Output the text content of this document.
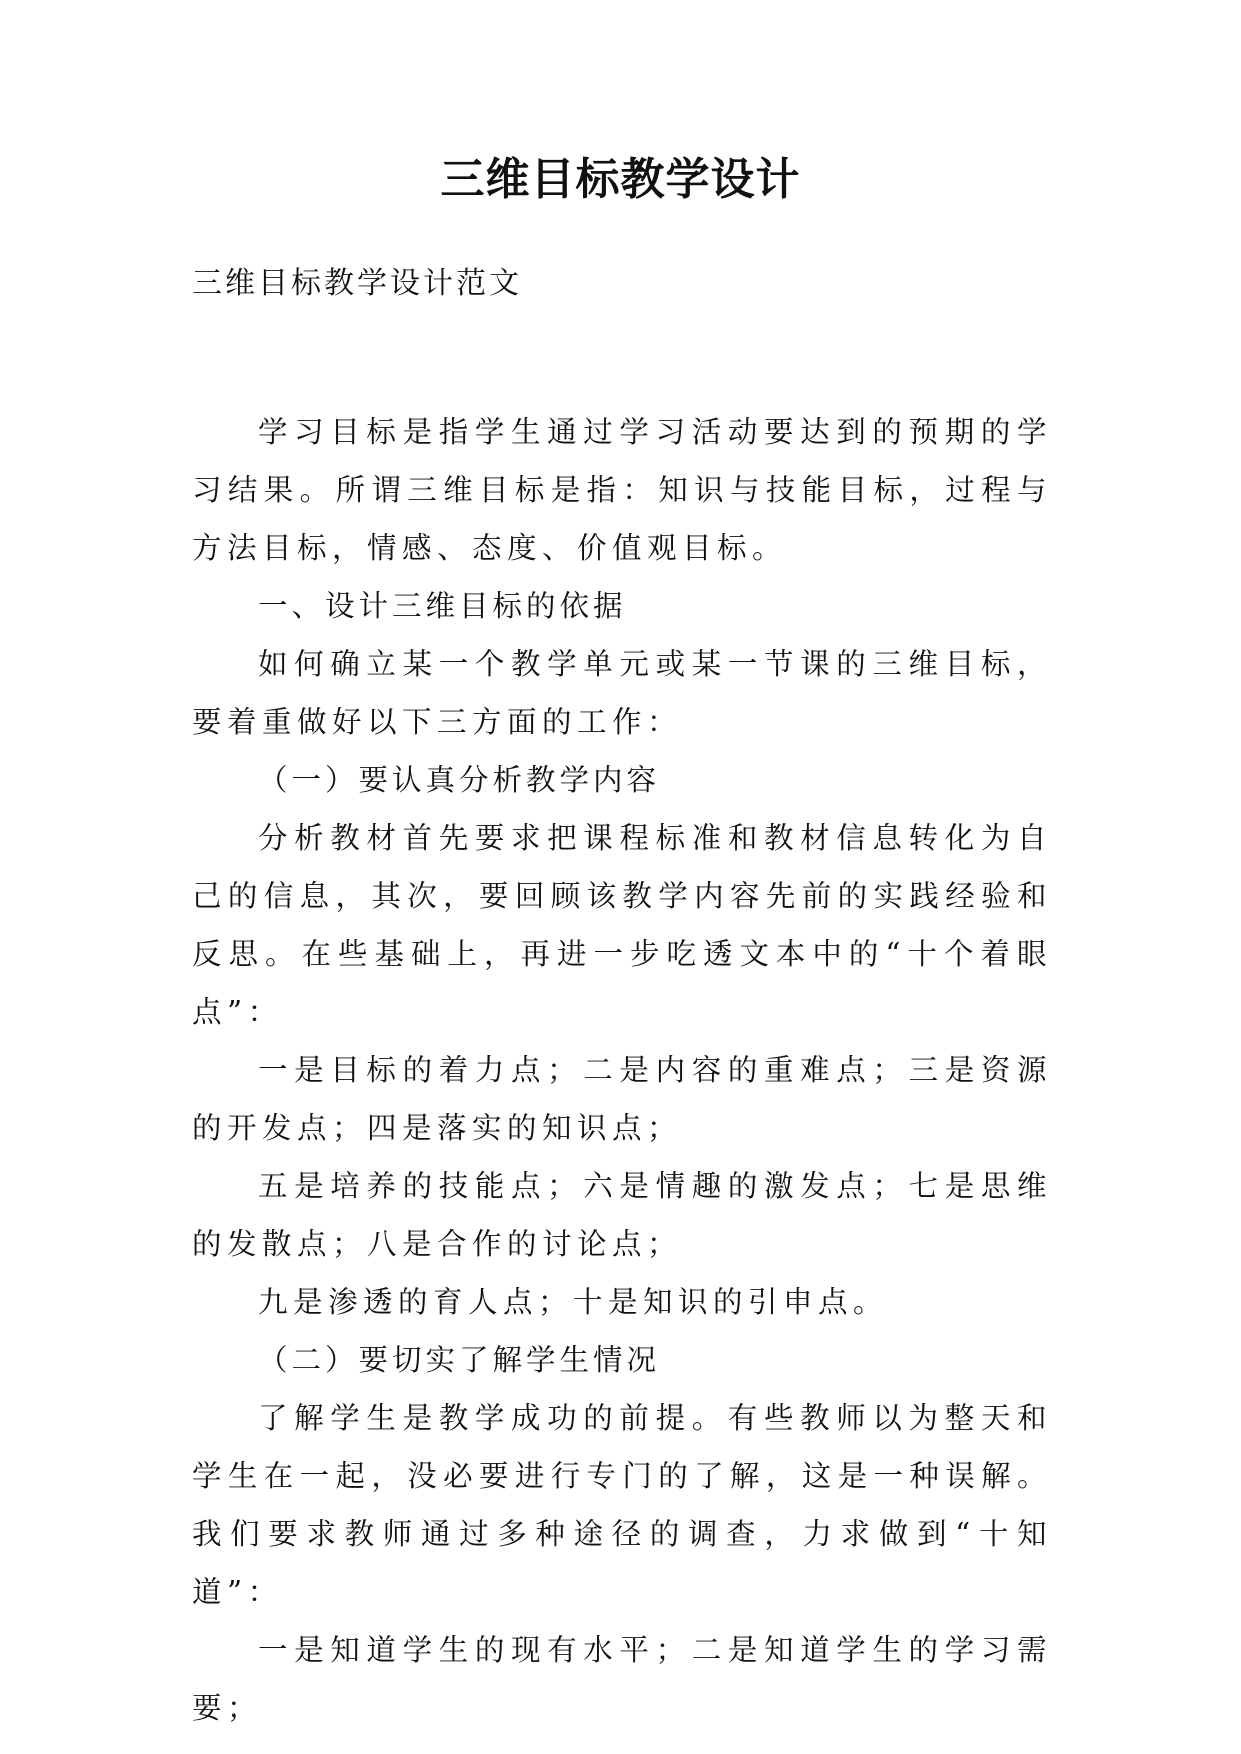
三维目标教学设计

三维目标教学设计范文

学习目标是指学生通过学习活动要达到的预期的学习结果。所谓三维目标是指：知识与技能目标，过程与方法目标，情感、态度、价值观目标。

一、设计三维目标的依据

如何确立某一个教学单元或某一节课的三维目标，要着重做好以下三方面的工作：

（一）要认真分析教学内容

分析教材首先要求把课程标准和教材信息转化为自己的信息，其次，要回顾该教学内容先前的实践经验和反思。在些基础上，再进一步吃透文本中的“十个着眼点”：

一是目标的着力点；二是内容的重难点；三是资源的开发点；四是落实的知识点；

五是培养的技能点；六是情趣的激发点；七是思维的发散点；八是合作的讨论点；

九是渗透的育人点；十是知识的引申点。

（二）要切实了解学生情况

了解学生是教学成功的前提。有些教师以为整天和学生在一起，没必要进行专门的了解，这是一种误解。我们要求教师通过多种途径的调查，力求做到“十知道”：

一是知道学生的现有水平；二是知道学生的学习需要；
